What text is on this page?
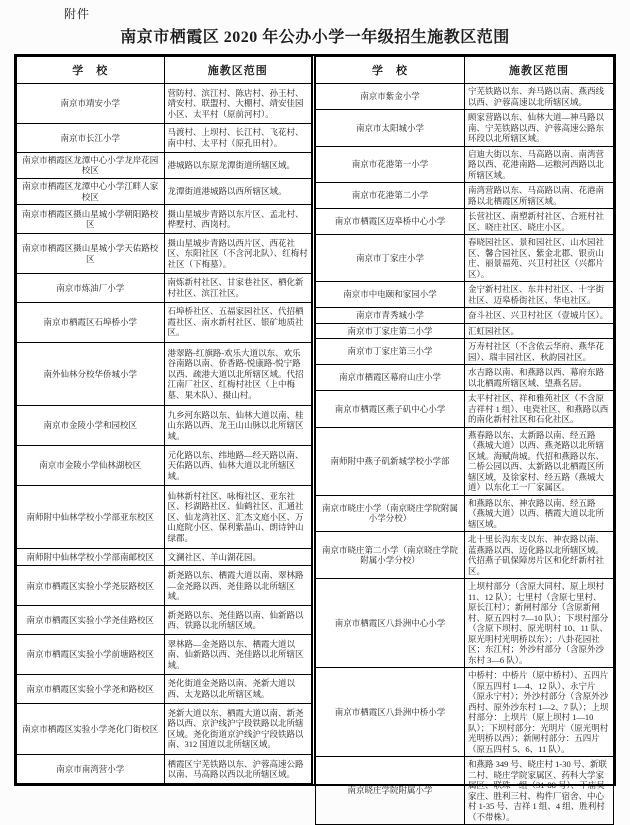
附件
南京市栖霞区 2020 年公办小学一年级招生施教区范围
学　校	施教区范围
南京市靖安小学	营防村、滨江村、陈店村、孙王村、靖安村、联盟村、大棚村、靖安佳园小区、太平村（原前河村）。
南京市长江小学	马渡村、上坝村、长江村、飞花村、南中村、太平村（原孔田村）。
南京市栖霞区龙潭中心小学龙岸花园校区	港城路以东原龙潭街道所辖区域。
南京市栖霞区龙潭中心小学江畔人家校区	龙潭街道港城路以西所辖区域。
南京市栖霞区摄山星城小学朝阳路校区	摄山星城步青路以东片区、孟北村、桦墅村、西岗村。
南京市栖霞区摄山星城小学天佑路校区	摄山星城步青路以西片区、西花社区、东阳社区（不含河北队）、红梅村社区（下梅墓）。
南京市炼油厂小学	南炼新村社区、甘家巷社区、栖化新村社区、滨江社区。
南京市栖霞区石埠桥小学	石埠桥社区、五福家园社区、代招栖霞社区、南水新村社区、银矿地质社区。
南外仙林分校华侨城小学	港翠路-红旗路-欢乐大道以东、欢乐谷南路以南、侨香路-悦康路-悦宁路以西、疏港大道以北所辖区域。代招江南厂社区、红梅村社区（上中梅墓、果木队）、摄山村。
南京市金陵小学和园校区	九乡河东路以东、仙林大道以南、桂山东路以西、龙王山山脉以北所辖区域。
南京市金陵小学仙林湖校区	元化路以东、纬地路—经天路以南、天佑路以西、仙林大道以北所辖区域。
南师附中仙林学校小学部亚东校区	仙林新村社区、咏梅社区、亚东社区、杉湖路社区、仙鹤社区、汇通社区、仙龙湾社区、汇杰文庭小区、万山庭院小区、保利紫晶山、朗诗钟山绿郡。
南师附中仙林学校小学部南邮校区	文澜社区、羊山湖花园。
南京市栖霞区实验小学尧辰路校区	新尧路以东、栖霞大道以南、翠林路—金尧路以西、尧佳路以北所辖区域。
南京市栖霞区实验小学尧佳路校区	新尧路以东、尧佳路以南、仙新路以西、铁路以北所辖区域。
南京市栖霞区实验小学前塘路校区	翠林路—金尧路以东、栖霞大道以南、仙新路以西、尧佳路以北所辖区域。
南京市栖霞区实验小学尧和路校区	尧化街道金尧路以南、尧新大道以西、太龙路以北所辖区域。
南京市栖霞区实验小学尧化门街校区	尧新大道以东、栖霞大道以南、新尧路以西、京沪线沪宁段铁路以北所辖区域。尧化街道京沪线沪宁段铁路以南、312 国道以北所辖区域。
南京市南湾营小学	栖霞区宁芜铁路以东、沪蓉高速公路以南、马高路以西以北所辖区域。
学　校	施教区范围
南京市紫金小学	宁芜铁路以东、奔马路以南、燕西线以西、沪蓉高速以北所辖区域。
南京市太阳城小学	顾家营路以东、仙林大道—神马路以南、宁芜铁路以西、沪蓉高速公路东环段以北所辖区域。
南京市花港第一小学	启迪大街以东、马高路以南、南湾营路以西、花港南路—运粮河西路以北所辖区域。
南京市花港第二小学	南湾营路以东、马高路以南、花港南路以北栖霞区所辖区域。
南京市栖霞区迈皋桥中心小学	长营社区、南塑新村社区、合班村社区、晓庄社区、晓庄小区。
南京市丁家庄小学	春晓园社区、景和园社区、山水园社区、馨合园社区、紫金北郡、银贡山庄、丽景福苑、兴卫村社区（兴都片区）。
南京市中电颐和家园小学	金宁新村社区、东井村社区、十字街社区、迈皋桥街社区、华电社区。
南京市青秀城小学	奋斗社区、兴卫村社区（壹城片区）。
南京市丁家庄第二小学	汇虹园社区。
南京市丁家庄第三小学	万寿村社区（不含依云华府、燕华花园）、瑞丰园社区、秋韵园社区。
南京市栖霞区幕府山庄小学	水吉路以南、和燕路以西、幕府东路以北栖霞所辖区域、望燕名居。
南京市栖霞区燕子矶中心小学	太平村社区、祥和雅苑社区（不含原吉祥村 1 组）、电瓷社区、和燕路以西的南化新村社区和石化社区。
南师附中燕子矶新城学校小学部	燕春路以东、太新路以南、经五路（燕城大道）以西、燕尧路以北所辖区域。海赋尚城。代招和燕路以东、二桥公园以西、太新路以北栖霞区所辖区域，及徐家村、经五路（燕城大道）以东化工一厂家属区。
南京市晓庄小学（南京晓庄学院附属小学分校）	和燕路以东、神农路以南、经五路（燕城大道）以西、栖霞大道以北所辖区域。
南京市晓庄第二小学（南京晓庄学院附属小学分校）	北十里长沟东支以东、神农路以南、蓝燕路以西、迈化路以北所辖区域。代招燕子矶保障房片区和化纤新村社区。
南京市栖霞区八卦洲中心小学	上坝村部分（含原大同村、原上坝村 11、12 队）；七里村（含原七里村、原长江村）；新闸村部分（含原新闸村、原五四村 7—10 队）；下坝村部分（含原下坝村、原光明村 10、11 队、原光明村光明桥以东）；八卦花园社区；东江村；外沙村部分（含原外沙东村 3—6 队）。
南京市栖霞区八卦洲中桥小学	中桥村：中桥片（原中桥村）、五四片（原五四村 1—4、12 队）、永宁片（原永宁村）；外沙村部分（含原外沙西村、原外沙东村 1—2、7 队）；上坝村部分：上坝片（原上坝村 1—10 队）；下坝村部分：光明片（原光明村光明桥以西）；新闸村部分：五四片（原五四村 5、6、11 队）。
南京晓庄学院附属小学	和燕路 349 号、晓庄村 1-30 号、新联二村、晓庄学院家属区、药科大学家属区、联珠一组（31-88 号）、下庙吴家庄、胜利三村、构件厂宿舍、中心村 1-35 号、吉祥 1 组、4 组、胜利村（不带株）。
